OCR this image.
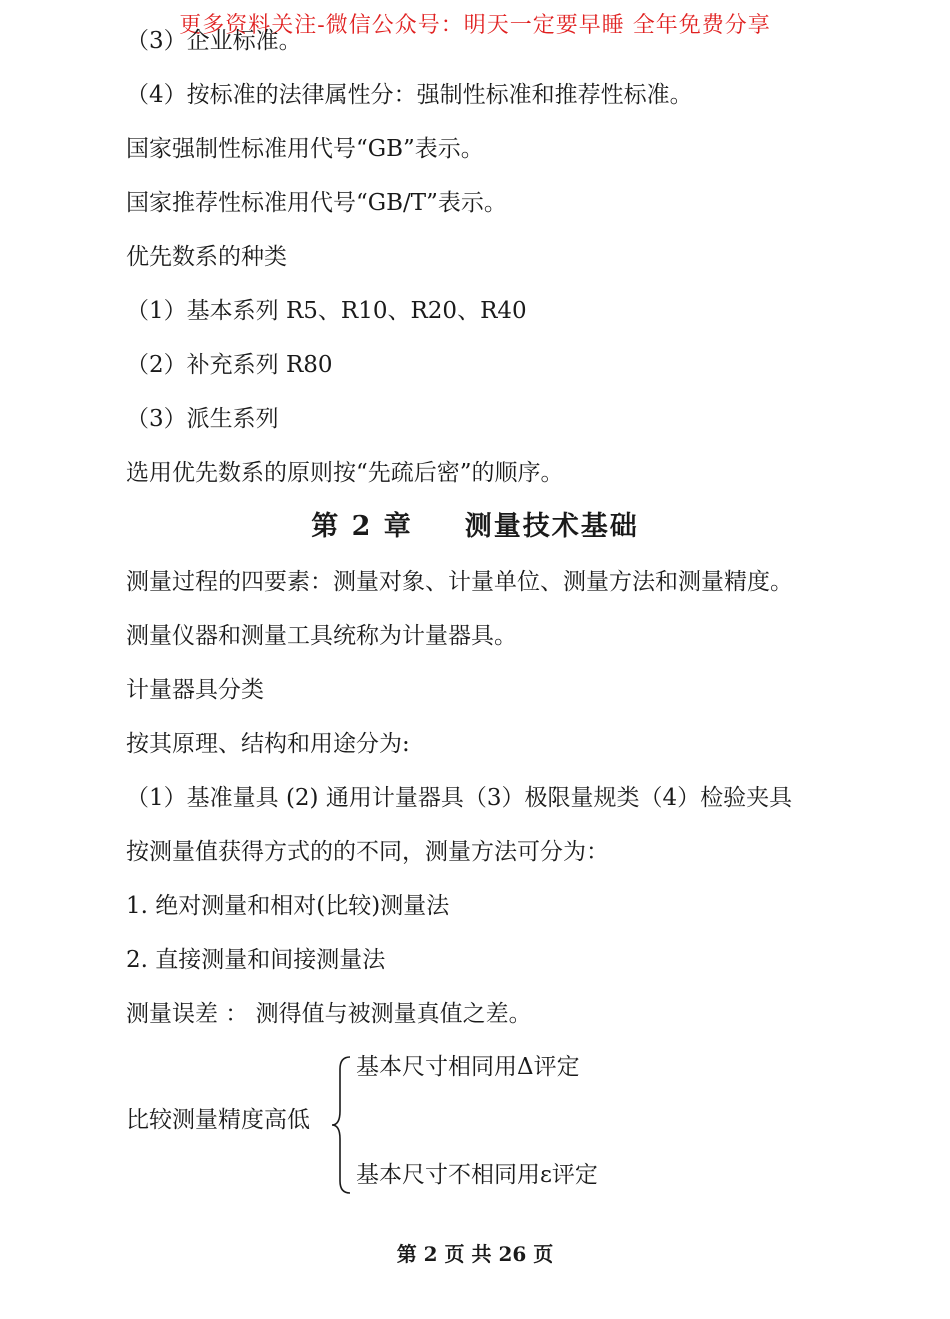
更多资料关注-微信公众号：明天一定要早睡 全年免费分享
（3）企业标准。
（4）按标准的法律属性分：强制性标准和推荐性标准。
国家强制性标准用代号“GB”表示。
国家推荐性标准用代号“GB/T”表示。
优先数系的种类
（1）基本系列 R5、R10、R20、R40
（2）补充系列 R80
（3）派生系列
选用优先数系的原则按“先疏后密”的顺序。
第 2 章 测量技术基础
测量过程的四要素：测量对象、计量单位、测量方法和测量精度。
测量仪器和测量工具统称为计量器具。
计量器具分类
按其原理、结构和用途分为:
（1）基准量具 (2) 通用计量器具（3）极限量规类（4）检验夹具
按测量值获得方式的的不同，测量方法可分为：
1. 绝对测量和相对(比较)测量法
2. 直接测量和间接测量法
测量误差 ： 测得值与被测量真值之差。
比较测量精度高低
基本尺寸相同用Δ评定
基本尺寸不相同用ε评定
第 2 页 共 26 页
